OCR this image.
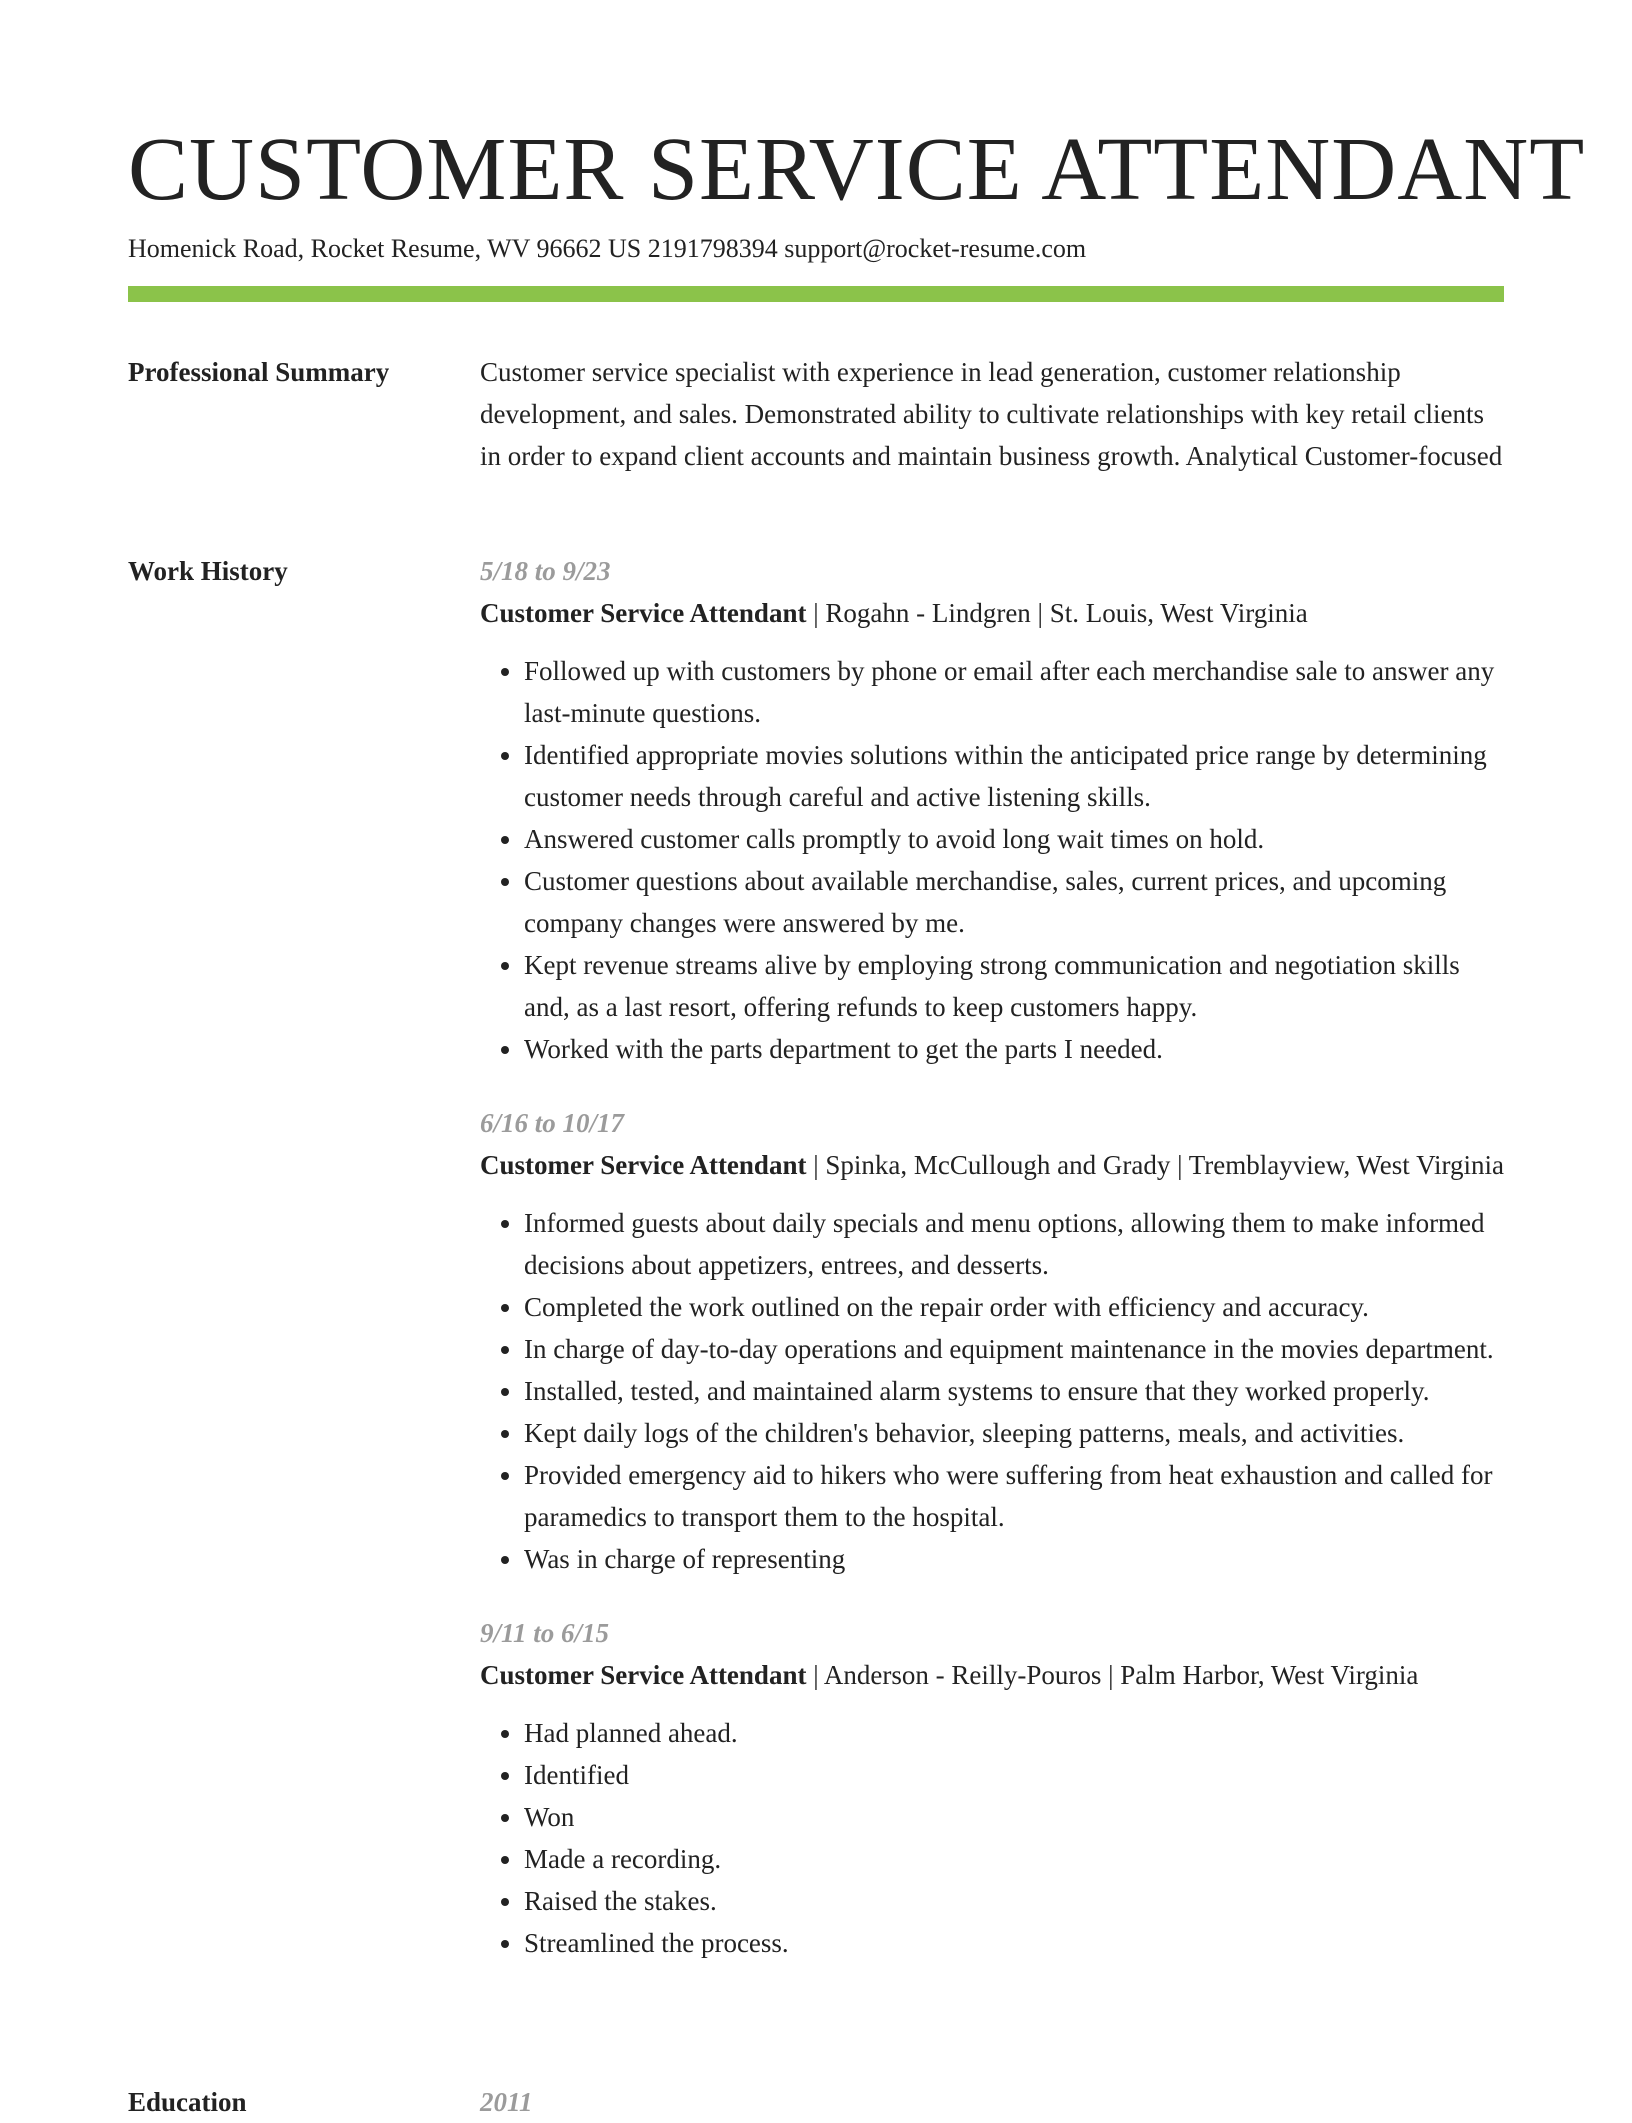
CUSTOMER SERVICE ATTENDANT
Homenick Road, Rocket Resume, WV 96662 US 2191798394 support@rocket-resume.com
Professional Summary	Customer service specialist with experience in lead generation, customer relationship development, and sales. Demonstrated ability to cultivate relationships with key retail clients in order to expand client accounts and maintain business growth. Analytical Customer-focused

Work History	5/18 to 9/23

Customer Service Attendant | Rogahn - Lindgren | St. Louis, West Virginia

• Followed up with customers by phone or email after each merchandise sale to answer any last-minute questions.
• Identified appropriate movies solutions within the anticipated price range by determining customer needs through careful and active listening skills.
• Answered customer calls promptly to avoid long wait times on hold.
• Customer questions about available merchandise, sales, current prices, and upcoming company changes were answered by me.
• Kept revenue streams alive by employing strong communication and negotiation skills and, as a last resort, offering refunds to keep customers happy.
• Worked with the parts department to get the parts I needed.
6/16 to 10/17

Customer Service Attendant | Spinka, McCullough and Grady | Tremblayview, West Virginia

• Informed guests about daily specials and menu options, allowing them to make informed decisions about appetizers, entrees, and desserts.
• Completed the work outlined on the repair order with efficiency and accuracy.
• In charge of day-to-day operations and equipment maintenance in the movies department.
• Installed, tested, and maintained alarm systems to ensure that they worked properly.
• Kept daily logs of the children's behavior, sleeping patterns, meals, and activities.
• Provided emergency aid to hikers who were suffering from heat exhaustion and called for paramedics to transport them to the hospital.
• Was in charge of representing
9/11 to 6/15

Customer Service Attendant | Anderson - Reilly-Pouros | Palm Harbor, West Virginia

• Had planned ahead.
• Identified
• Won
• Made a recording.
• Raised the stakes.
• Streamlined the process.
Education	2011
